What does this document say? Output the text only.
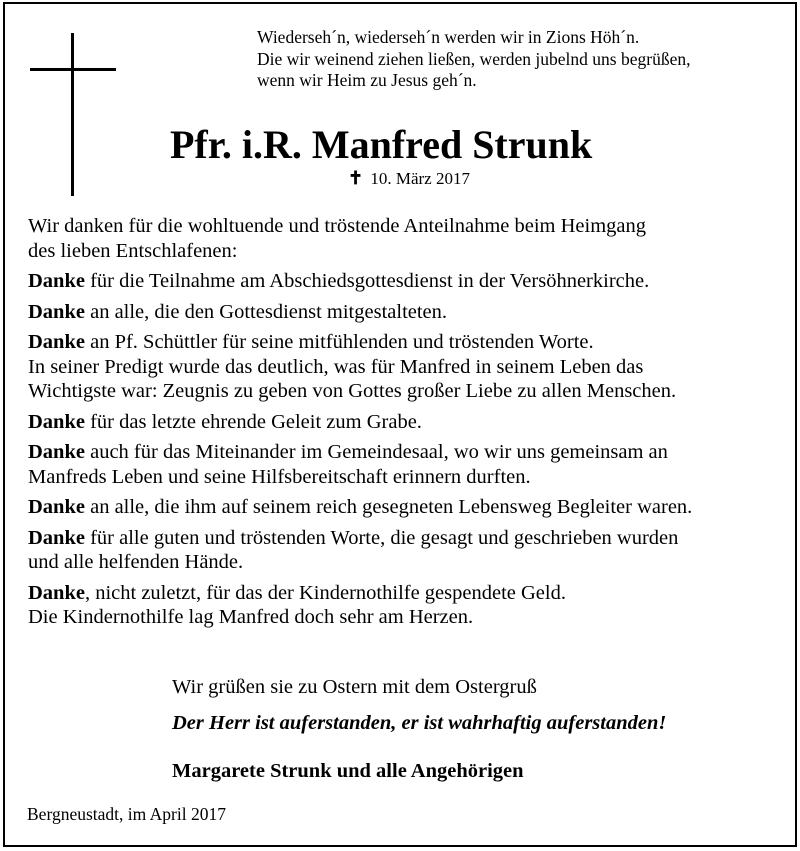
Wiederseh´n, wiederseh´n werden wir in Zions Höh´n.
Die wir weinend ziehen ließen, werden jubelnd uns begrüßen,
wenn wir Heim zu Jesus geh´n.
Pfr. i.R. Manfred Strunk
✝ 10. März 2017
Wir danken für die wohltuende und tröstende Anteilnahme beim Heimgang
des lieben Entschlafenen:
Danke für die Teilnahme am Abschiedsgottesdienst in der Versöhnerkirche.
Danke an alle, die den Gottesdienst mitgestalteten.
Danke an Pf. Schüttler für seine mitfühlenden und tröstenden Worte.
In seiner Predigt wurde das deutlich, was für Manfred in seinem Leben das
Wichtigste war: Zeugnis zu geben von Gottes großer Liebe zu allen Menschen.
Danke für das letzte ehrende Geleit zum Grabe.
Danke auch für das Miteinander im Gemeindesaal, wo wir uns gemeinsam an
Manfreds Leben und seine Hilfsbereitschaft erinnern durften.
Danke an alle, die ihm auf seinem reich gesegneten Lebensweg Begleiter waren.
Danke für alle guten und tröstenden Worte, die gesagt und geschrieben wurden
und alle helfenden Hände.
Danke, nicht zuletzt, für das der Kindernothilfe gespendete Geld.
Die Kindernothilfe lag Manfred doch sehr am Herzen.
Wir grüßen sie zu Ostern mit dem Ostergruß
Der Herr ist auferstanden, er ist wahrhaftig auferstanden!
Margarete Strunk und alle Angehörigen
Bergneustadt, im April 2017
